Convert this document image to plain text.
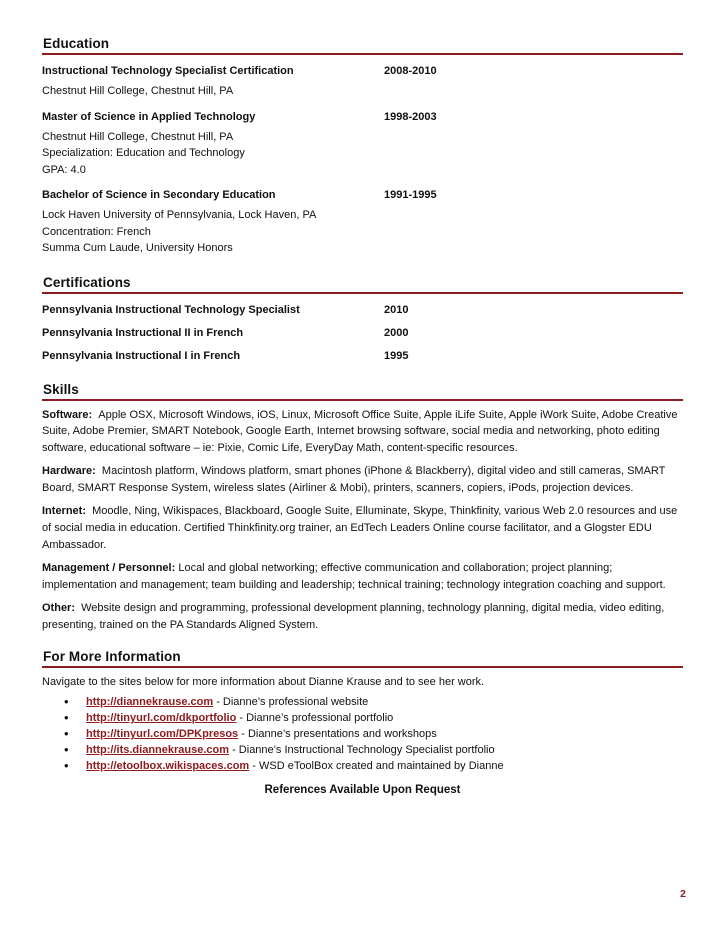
Education
Instructional Technology Specialist Certification	2008-2010
Chestnut Hill College, Chestnut Hill, PA
Master of Science in Applied Technology	1998-2003
Chestnut Hill College, Chestnut Hill, PA
Specialization: Education and Technology
GPA: 4.0
Bachelor of Science in Secondary Education	1991-1995
Lock Haven University of Pennsylvania, Lock Haven, PA
Concentration: French
Summa Cum Laude, University Honors
Certifications
Pennsylvania Instructional Technology Specialist	2010
Pennsylvania Instructional II in French	2000
Pennsylvania Instructional I in French	1995
Skills
Software: Apple OSX, Microsoft Windows, iOS, Linux, Microsoft Office Suite, Apple iLife Suite, Apple iWork Suite, Adobe Creative Suite, Adobe Premier, SMART Notebook, Google Earth, Internet browsing software, social media and networking, photo editing software, educational software – ie: Pixie, Comic Life, EveryDay Math, content-specific resources.
Hardware: Macintosh platform, Windows platform, smart phones (iPhone & Blackberry), digital video and still cameras, SMART Board, SMART Response System, wireless slates (Airliner & Mobi), printers, scanners, copiers, iPods, projection devices.
Internet: Moodle, Ning, Wikispaces, Blackboard, Google Suite, Elluminate, Skype, Thinkfinity, various Web 2.0 resources and use of social media in education. Certified Thinkfinity.org trainer, an EdTech Leaders Online course facilitator, and a Glogster EDU Ambassador.
Management / Personnel: Local and global networking; effective communication and collaboration; project planning; implementation and management; team building and leadership; technical training; technology integration coaching and support.
Other: Website design and programming, professional development planning, technology planning, digital media, video editing, presenting, trained on the PA Standards Aligned System.
For More Information
Navigate to the sites below for more information about Dianne Krause and to see her work.
•	http://diannekrause.com - Dianne’s professional website
•	http://tinyurl.com/dkportfolio - Dianne’s professional portfolio
•	http://tinyurl.com/DPKpresos - Dianne’s presentations and workshops
•	http://its.diannekrause.com - Dianne’s Instructional Technology Specialist portfolio
•	http://etoolbox.wikispaces.com - WSD eToolBox created and maintained by Dianne
References Available Upon Request
2
